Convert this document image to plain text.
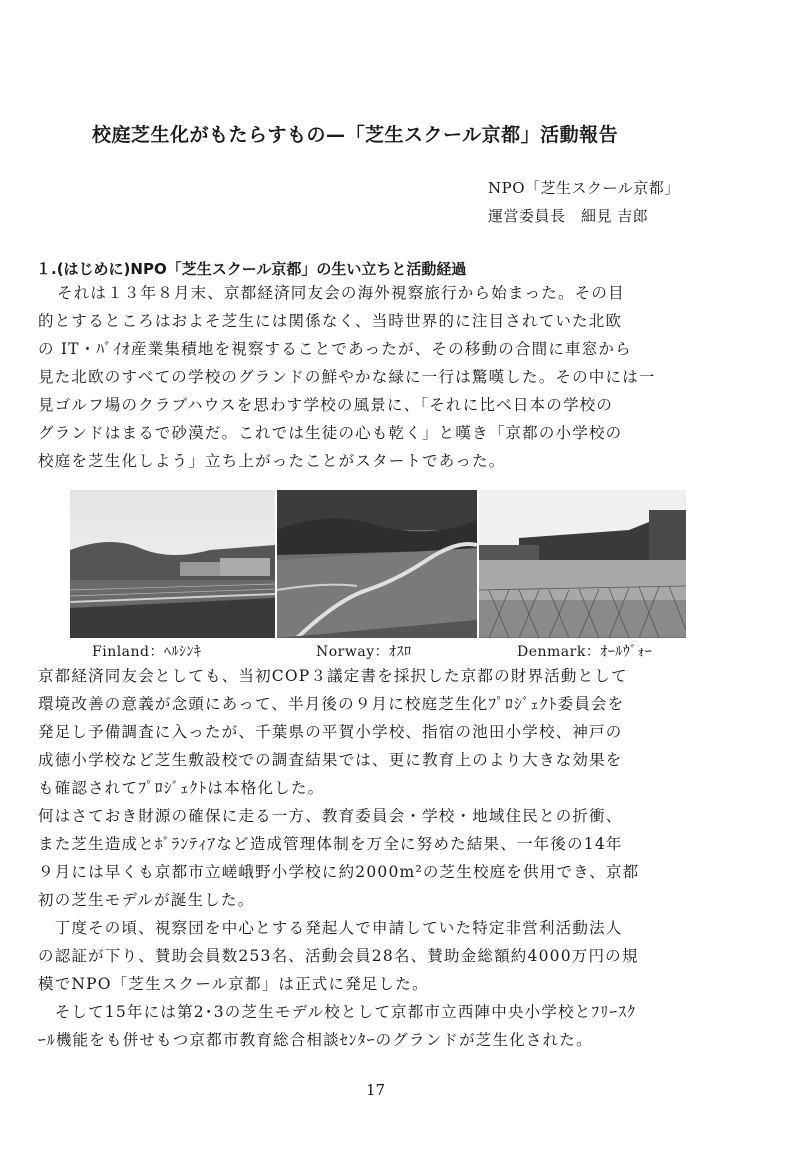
校庭芝生化がもたらすもの—「芝生スクール京都」活動報告
NPO「芝生スクール京都」
運営委員長　細見 吉郎
１.(はじめに)NPO「芝生スクール京都」の生い立ちと活動経過
それは１３年８月末、京都経済同友会の海外視察旅行から始まった。その目
的とするところはおよそ芝生には関係なく、当時世界的に注目されていた北欧
の IT・ﾊﾞｲｵ産業集積地を視察することであったが、その移動の合間に車窓から
見た北欧のすべての学校のグランドの鮮やかな緑に一行は驚嘆した。その中には一
見ゴルフ場のクラブハウスを思わす学校の風景に、「それに比べ日本の学校の
グランドはまるで砂漠だ。これでは生徒の心も乾く」と嘆き「京都の小学校の
校庭を芝生化しよう」立ち上がったことがスタートであった。
Finland：ﾍﾙｼﾝｷ	Norway：ｵｽﾛ	Denmark：ｵｰﾙｳﾞｫｰ
京都経済同友会としても、当初COP３議定書を採択した京都の財界活動として
環境改善の意義が念頭にあって、半月後の９月に校庭芝生化ﾌﾟﾛｼﾞｪｸﾄ委員会を
発足し予備調査に入ったが、千葉県の平賀小学校、指宿の池田小学校、神戸の
成徳小学校など芝生敷設校での調査結果では、更に教育上のより大きな効果を
も確認されてﾌﾟﾛｼﾞｪｸﾄは本格化した。
何はさておき財源の確保に走る一方、教育委員会・学校・地域住民との折衝、
また芝生造成とﾎﾞﾗﾝﾃｨｱなど造成管理体制を万全に努めた結果、一年後の14年
９月には早くも京都市立嵯峨野小学校に約2000m²の芝生校庭を供用でき、京都
初の芝生モデルが誕生した。
　丁度その頃、視察団を中心とする発起人で申請していた特定非営利活動法人
の認証が下り、賛助会員数253名、活動会員28名、賛助金総額約4000万円の規
模でNPO「芝生スクール京都」は正式に発足した。
　そして15年には第2･3の芝生モデル校として京都市立西陣中央小学校とﾌﾘｰｽｸ
ｰﾙ機能をも併せもつ京都市教育総合相談ｾﾝﾀｰのグランドが芝生化された。
17
